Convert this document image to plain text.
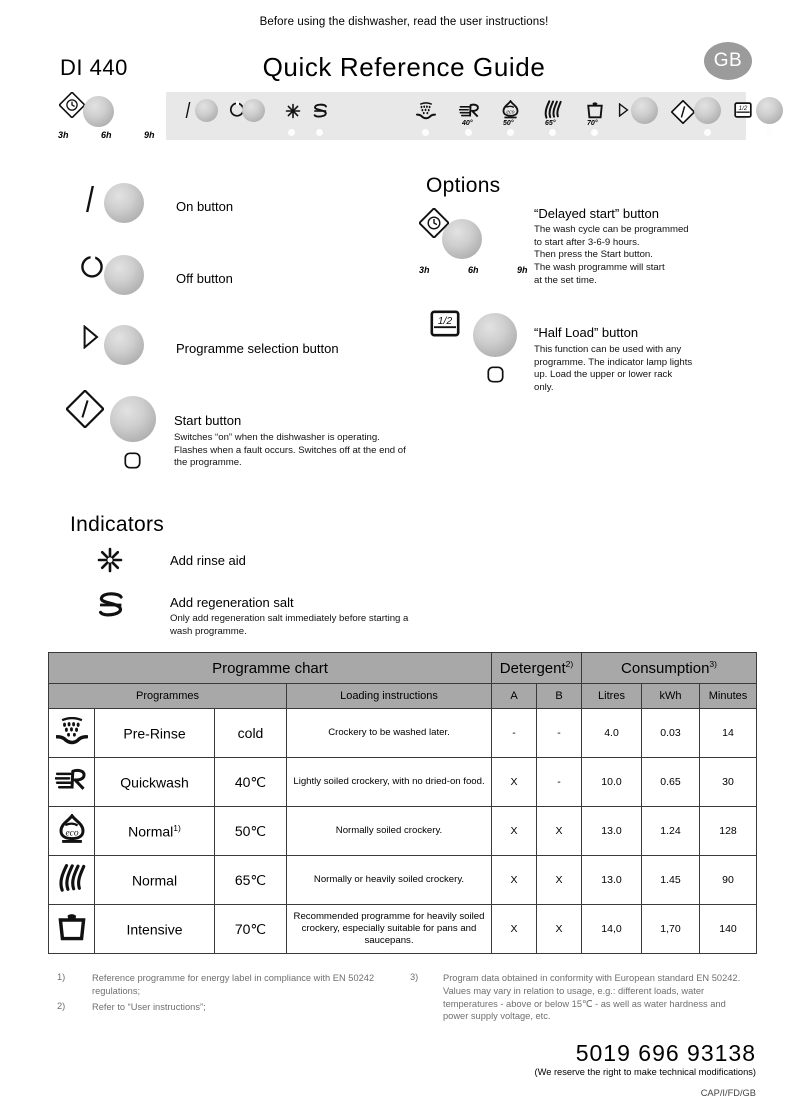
Before using the dishwasher, read the user instructions!
DI 440	Quick Reference Guide	GB
3h	6h	9h
40°
eco
50°	65°	70°
1/2
On button
Off button
Programme selection button
Start button
Switches “on” when the dishwasher is operating. Flashes when a fault occurs. Switches off at the end of the programme.
Options
3h	6h	9h
“Delayed start” button
The wash cycle can be programmed
to start after 3-6-9 hours.
Then press the Start button.
The wash programme will start
at the set time.
1/2
“Half Load” button
This function can be used with any
programme. The indicator lamp lights
up. Load the upper or lower rack
only.
Indicators
Add rinse aid
Add regeneration salt
Only add regeneration salt immediately before starting a wash programme.
Programme chart				Detergent$^{2)}$		Consumption$^{3)}$
Programmes			Loading instructions	A	B	Litres	kWh	Minutes
	Pre-Rinse	cold	Crockery to be washed later.	-	-	4.0	0.03	14
	Quickwash	40℃	Lightly soiled crockery, with no dried-on food.	X	-	10.0	0.65	30

eco	Normal$^{1)}$	50℃	Normally soiled crockery.	X	X	13.0	1.24	128
	Normal	65℃	Normally or heavily soiled crockery.	X	X	13.0	1.45	90
	Intensive	70℃	Recommended programme for heavily soiled crockery, especially suitable for pans and saucepans.	X	X	14,0	1,70	140
1)	Reference programme for energy label in compliance with EN 50242 regulations;
2)	Refer to “User instructions”;
3)	Program data obtained in conformity with European standard EN 50242. Values may vary in relation to usage, e.g.: different loads, water temperatures - above or below 15℃ - as well as water hardness and power supply voltage, etc.
5019 696 93138
(We reserve the right to make technical modifications)
CAP/I/FD/GB
